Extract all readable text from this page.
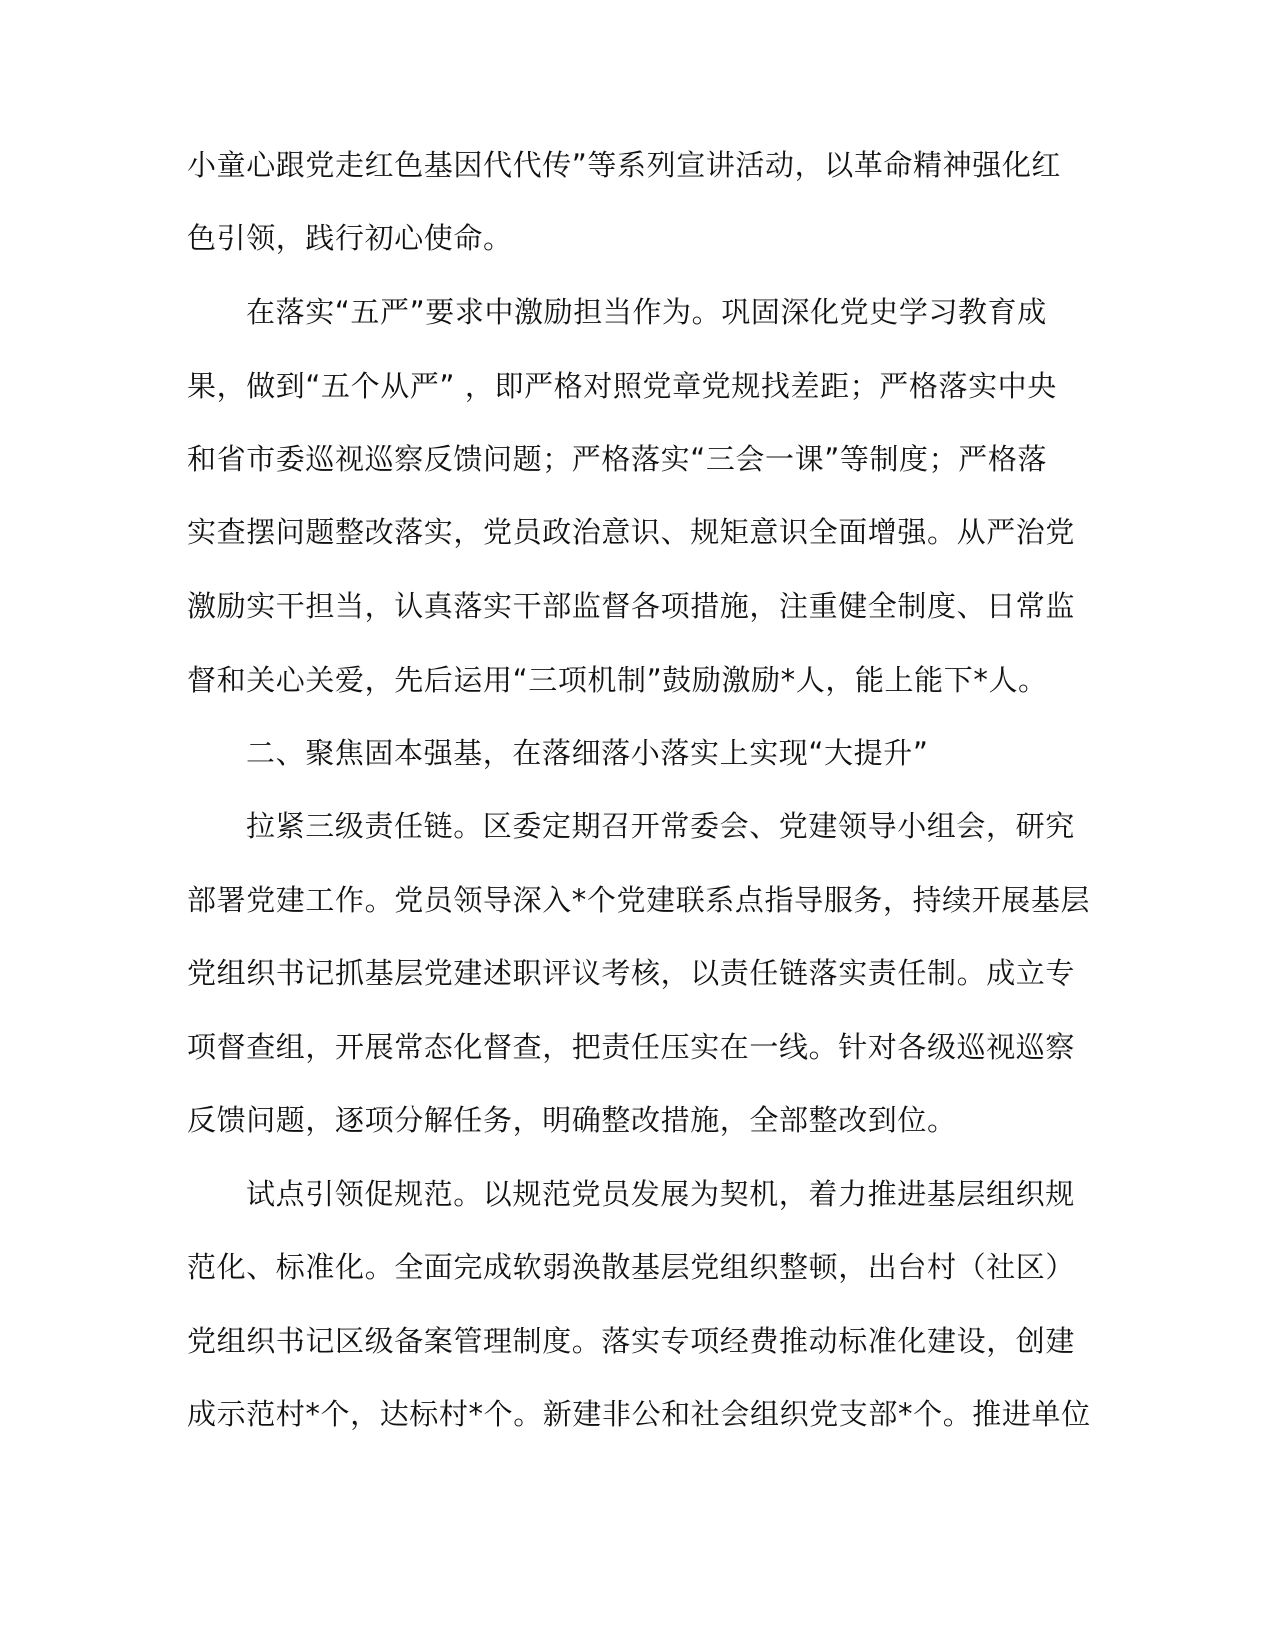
小童心跟党走红色基因代代传”等系列宣讲活动，以革命精神强化红
色引领，践行初心使命。
在落实“五严”要求中激励担当作为。巩固深化党史学习教育成
果，做到“五个从严” ，即严格对照党章党规找差距；严格落实中央
和省市委巡视巡察反馈问题；严格落实“三会一课”等制度；严格落
实查摆问题整改落实，党员政治意识、规矩意识全面增强。从严治党
激励实干担当，认真落实干部监督各项措施，注重健全制度、日常监
督和关心关爱，先后运用“三项机制”鼓励激励*人，能上能下*人。
二、聚焦固本强基，在落细落小落实上实现“大提升”
拉紧三级责任链。区委定期召开常委会、党建领导小组会，研究
部署党建工作。党员领导深入*个党建联系点指导服务，持续开展基层
党组织书记抓基层党建述职评议考核，以责任链落实责任制。成立专
项督查组，开展常态化督查，把责任压实在一线。针对各级巡视巡察
反馈问题，逐项分解任务，明确整改措施，全部整改到位。
试点引领促规范。以规范党员发展为契机，着力推进基层组织规
范化、标准化。全面完成软弱涣散基层党组织整顿，出台村（社区）
党组织书记区级备案管理制度。落实专项经费推动标准化建设，创建
成示范村*个，达标村*个。新建非公和社会组织党支部*个。推进单位
